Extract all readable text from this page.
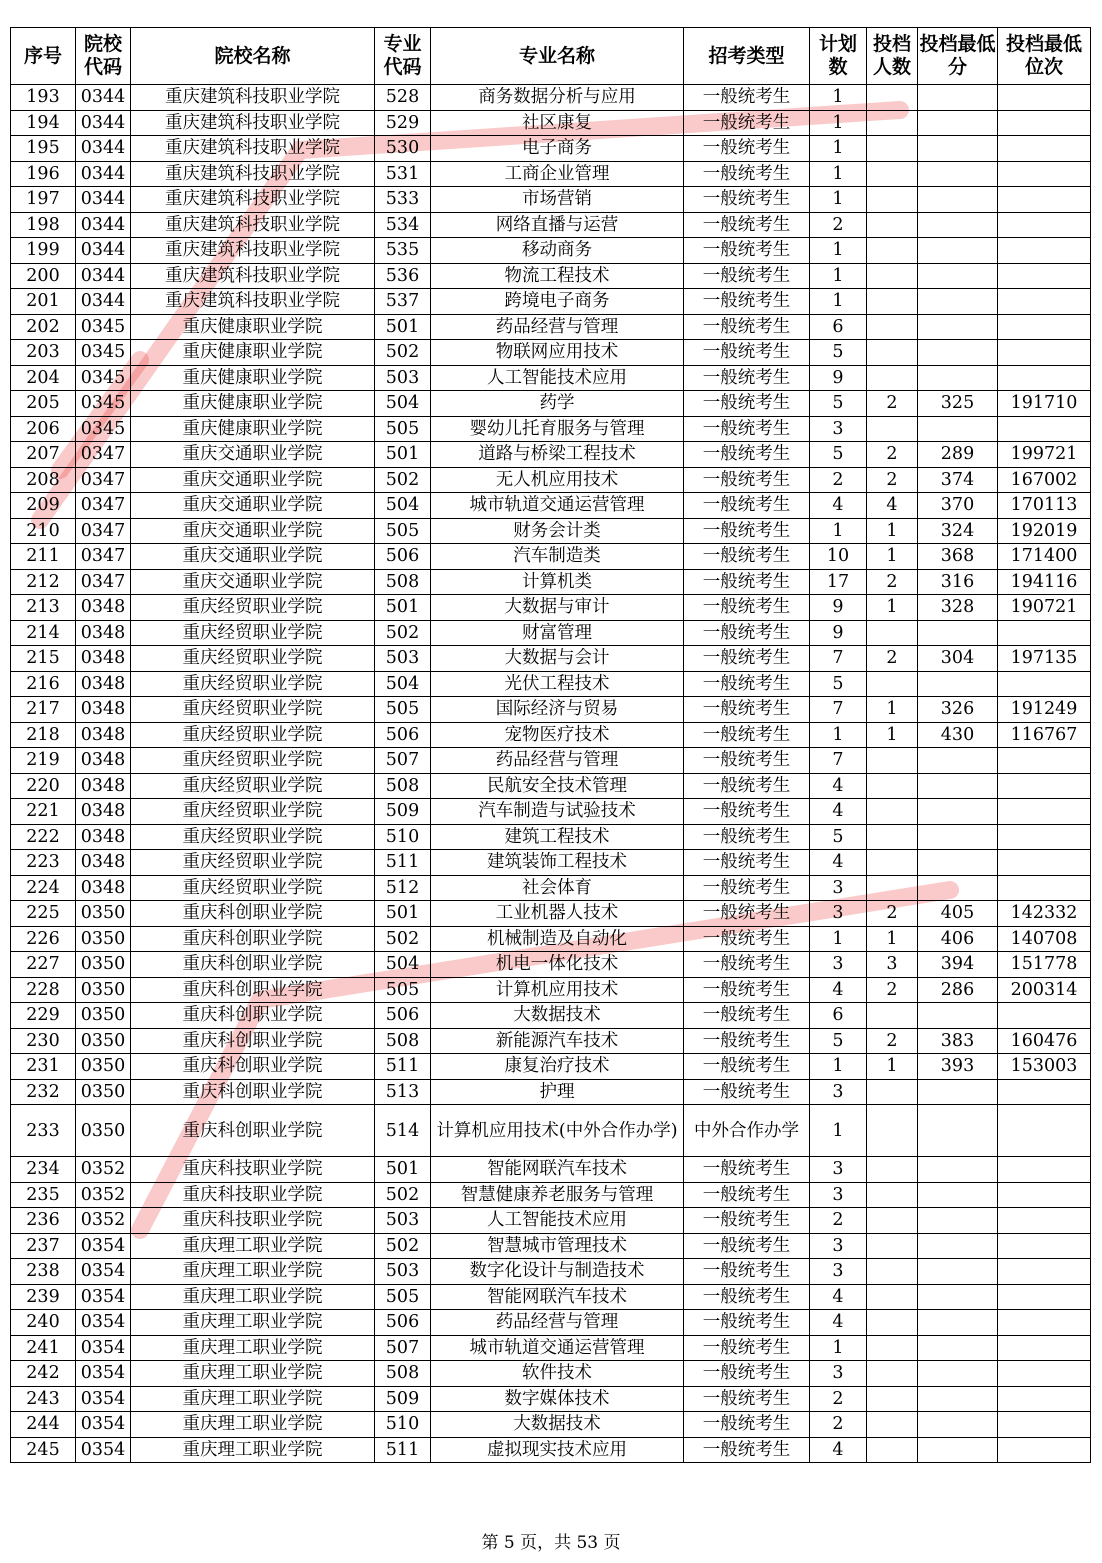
序号	院校代码	院校名称	专业代码	专业名称	招考类型	计划数	投档人数	投档最低分	投档最低位次
193	0344	重庆建筑科技职业学院	528	商务数据分析与应用	一般统考生	1			
194	0344	重庆建筑科技职业学院	529	社区康复	一般统考生	1			
195	0344	重庆建筑科技职业学院	530	电子商务	一般统考生	1			
196	0344	重庆建筑科技职业学院	531	工商企业管理	一般统考生	1			
197	0344	重庆建筑科技职业学院	533	市场营销	一般统考生	1			
198	0344	重庆建筑科技职业学院	534	网络直播与运营	一般统考生	2			
199	0344	重庆建筑科技职业学院	535	移动商务	一般统考生	1			
200	0344	重庆建筑科技职业学院	536	物流工程技术	一般统考生	1			
201	0344	重庆建筑科技职业学院	537	跨境电子商务	一般统考生	1			
202	0345	重庆健康职业学院	501	药品经营与管理	一般统考生	6			
203	0345	重庆健康职业学院	502	物联网应用技术	一般统考生	5			
204	0345	重庆健康职业学院	503	人工智能技术应用	一般统考生	9			
205	0345	重庆健康职业学院	504	药学	一般统考生	5	2	325	191710
206	0345	重庆健康职业学院	505	婴幼儿托育服务与管理	一般统考生	3			
207	0347	重庆交通职业学院	501	道路与桥梁工程技术	一般统考生	5	2	289	199721
208	0347	重庆交通职业学院	502	无人机应用技术	一般统考生	2	2	374	167002
209	0347	重庆交通职业学院	504	城市轨道交通运营管理	一般统考生	4	4	370	170113
210	0347	重庆交通职业学院	505	财务会计类	一般统考生	1	1	324	192019
211	0347	重庆交通职业学院	506	汽车制造类	一般统考生	10	1	368	171400
212	0347	重庆交通职业学院	508	计算机类	一般统考生	17	2	316	194116
213	0348	重庆经贸职业学院	501	大数据与审计	一般统考生	9	1	328	190721
214	0348	重庆经贸职业学院	502	财富管理	一般统考生	9			
215	0348	重庆经贸职业学院	503	大数据与会计	一般统考生	7	2	304	197135
216	0348	重庆经贸职业学院	504	光伏工程技术	一般统考生	5			
217	0348	重庆经贸职业学院	505	国际经济与贸易	一般统考生	7	1	326	191249
218	0348	重庆经贸职业学院	506	宠物医疗技术	一般统考生	1	1	430	116767
219	0348	重庆经贸职业学院	507	药品经营与管理	一般统考生	7			
220	0348	重庆经贸职业学院	508	民航安全技术管理	一般统考生	4			
221	0348	重庆经贸职业学院	509	汽车制造与试验技术	一般统考生	4			
222	0348	重庆经贸职业学院	510	建筑工程技术	一般统考生	5			
223	0348	重庆经贸职业学院	511	建筑装饰工程技术	一般统考生	4			
224	0348	重庆经贸职业学院	512	社会体育	一般统考生	3			
225	0350	重庆科创职业学院	501	工业机器人技术	一般统考生	3	2	405	142332
226	0350	重庆科创职业学院	502	机械制造及自动化	一般统考生	1	1	406	140708
227	0350	重庆科创职业学院	504	机电一体化技术	一般统考生	3	3	394	151778
228	0350	重庆科创职业学院	505	计算机应用技术	一般统考生	4	2	286	200314
229	0350	重庆科创职业学院	506	大数据技术	一般统考生	6			
230	0350	重庆科创职业学院	508	新能源汽车技术	一般统考生	5	2	383	160476
231	0350	重庆科创职业学院	511	康复治疗技术	一般统考生	1	1	393	153003
232	0350	重庆科创职业学院	513	护理	一般统考生	3			
233	0350	重庆科创职业学院	514	计算机应用技术(中外合作办学)	中外合作办学	1			
234	0352	重庆科技职业学院	501	智能网联汽车技术	一般统考生	3			
235	0352	重庆科技职业学院	502	智慧健康养老服务与管理	一般统考生	3			
236	0352	重庆科技职业学院	503	人工智能技术应用	一般统考生	2			
237	0354	重庆理工职业学院	502	智慧城市管理技术	一般统考生	3			
238	0354	重庆理工职业学院	503	数字化设计与制造技术	一般统考生	3			
239	0354	重庆理工职业学院	505	智能网联汽车技术	一般统考生	4			
240	0354	重庆理工职业学院	506	药品经营与管理	一般统考生	4			
241	0354	重庆理工职业学院	507	城市轨道交通运营管理	一般统考生	1			
242	0354	重庆理工职业学院	508	软件技术	一般统考生	3			
243	0354	重庆理工职业学院	509	数字媒体技术	一般统考生	2			
244	0354	重庆理工职业学院	510	大数据技术	一般统考生	2			
245	0354	重庆理工职业学院	511	虚拟现实技术应用	一般统考生	4			
第 5 页，共 53 页
